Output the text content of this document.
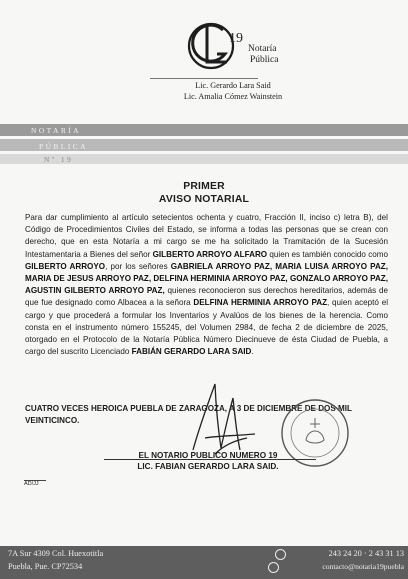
19
Notaría
Pública
Lic. Gerardo Lara Said
Lic. Amalia Cómez Wainstein
NOTARÍA
PÚBLICA
Nº 19
PRIMER
AVISO NOTARIAL
Para dar cumplimiento al artículo setecientos ochenta y cuatro, Fracción II, inciso c) letra B), del Código de Procedimientos Civiles del Estado, se informa a todas las personas que se crean con derecho, que en esta Notaría a mi cargo se me ha solicitado la Tramitación de la Sucesión Intestamentaria a Bienes del señor GILBERTO ARROYO ALFARO quien es también conocido como GILBERTO ARROYO, por los señores GABRIELA ARROYO PAZ, MARIA LUISA ARROYO PAZ, MARIA DE JESUS ARROYO PAZ, DELFINA HERMINIA ARROYO PAZ, GONZALO ARROYO PAZ, AGUSTIN GILBERTO ARROYO PAZ, quienes reconocieron sus derechos hereditarios, además de que fue designado como Albacea a la señora DELFINA HERMINIA ARROYO PAZ, quien aceptó el cargo y que procederá a formular los Inventarios y Avalúos de los bienes de la herencia. Como consta en el instrumento número 155245, del Volumen 2984, de fecha 2 de diciembre de 2025, otorgado en el Protocolo de la Notaría Pública Número Diecinueve de ésta Ciudad de Puebla, a cargo del suscrito Licenciado FABIÁN GERARDO LARA SAID.
CUATRO VECES HEROICA PUEBLA DE ZARAGOZA, A 3 DE DICIEMBRE DE DOS MIL VEINTICINCO.
EL NOTARIO PUBLICO NUMERO 19
LIC. FABIAN GERARDO LARA SAID.
AD/JJ
7A Sur 4309 Col. Huexotitla
Puebla, Pue. CP72534
243 24 20 · 2 43 31 13
contacto@notaria19puebla
